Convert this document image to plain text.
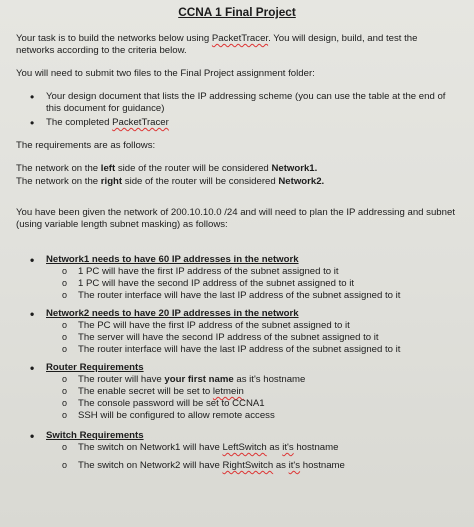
CCNA 1 Final Project
Your task is to build the networks below using PacketTracer. You will design, build, and test the networks according to the criteria below.
You will need to submit two files to the Final Project assignment folder:
• Your design document that lists the IP addressing scheme (you can use the table at the end of this document for guidance)
• The completed PacketTracer
The requirements are as follows:
The network on the left side of the router will be considered Network1.
The network on the right side of the router will be considered Network2.
You have been given the network of 200.10.10.0 /24 and will need to plan the IP addressing and subnet (using variable length subnet masking) as follows:
• Network1 needs to have 60 IP addresses in the network
o 1 PC will have the first IP address of the subnet assigned to it
o 1 PC will have the second IP address of the subnet assigned to it
o The router interface will have the last IP address of the subnet assigned to it
• Network2 needs to have 20 IP addresses in the network
o The PC will have the first IP address of the subnet assigned to it
o The server will have the second IP address of the subnet assigned to it
o The router interface will have the last IP address of the subnet assigned to it
• Router Requirements
o The router will have your first name as it's hostname
o The enable secret will be set to letmein
o The console password will be set to CCNA1
o SSH will be configured to allow remote access
• Switch Requirements
o The switch on Network1 will have LeftSwitch as it's hostname
o The switch on Network2 will have RightSwitch as it's hostname
